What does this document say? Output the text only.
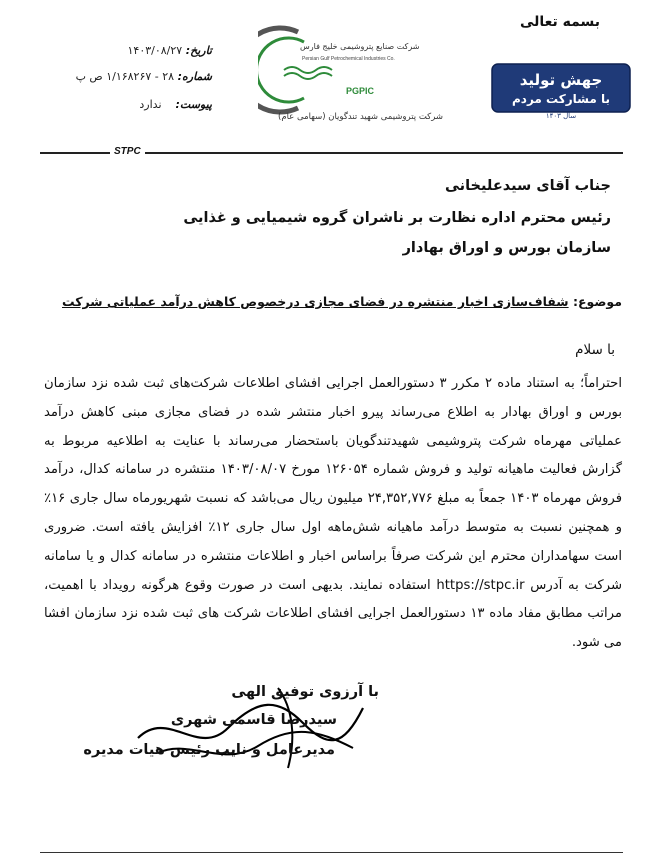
بسمه تعالی
جهش تولید
با مشارکت مردم
سال ۱۴۰۳
تاریخ: ۱۴۰۳/۰۸/۲۷
شماره: ۲۸ - ۱/۱۶۸۲۶۷ ص پ
پیوست:    ندارد
شرکت صنایع پتروشیمی خلیج فارس
Persian Gulf Petrochemical Industries Co.
PGPIC
شرکت پتروشیمی شهید تندگویان (سهامی عام)
STPC
جناب آقای سیدعلیخانی
رئیس محترم اداره نظارت بر ناشران گروه شیمیایی و غذایی
سازمان بورس و اوراق بهادار
موضوع: شفاف‌سازی اخبار منتشره در فضای مجازی درخصوص کاهش درآمد عملیاتی شرکت
با سلام

احتراماً؛ به استناد ماده ۲ مکرر ۳ دستورالعمل اجرایی افشای اطلاعات شرکت‌های ثبت شده نزد سازمان بورس و اوراق بهادار به اطلاع می‌رساند پیرو اخبار منتشر شده در فضای مجازی مبنی کاهش درآمد عملیاتی مهرماه شرکت پتروشیمی شهیدتندگویان باستحضار می‌رساند با عنایت به اطلاعیه مربوط به گزارش فعالیت ماهیانه تولید و فروش شماره ۱۲۶۰۵۴ مورخ ۱۴۰۳/۰۸/۰۷ منتشره در سامانه کدال، درآمد فروش مهرماه ۱۴۰۳ جمعاً به مبلغ ۲۴,۳۵۲,۷۷۶ میلیون ریال می‌باشد که نسبت شهریورماه سال جاری ۱۶٪ و همچنین نسبت به متوسط درآمد ماهیانه شش‌ماهه اول سال جاری ۱۲٪ افزایش یافته است. ضروری است سهامداران محترم این شرکت صرفاً براساس اخبار و اطلاعات منتشره در سامانه کدال و یا سامانه شرکت به آدرس https://stpc.ir استفاده نمایند. بدیهی است در صورت وقوع هرگونه رویداد با اهمیت، مراتب مطابق مفاد ماده ۱۳ دستورالعمل اجرایی افشای اطلاعات شرکت های ثبت شده نزد سازمان افشا می شود.

با آرزوی توفیق الهی
سیدرضا قاسمی شهری
مدیرعامل و نایب رئیس هیات مدیره
